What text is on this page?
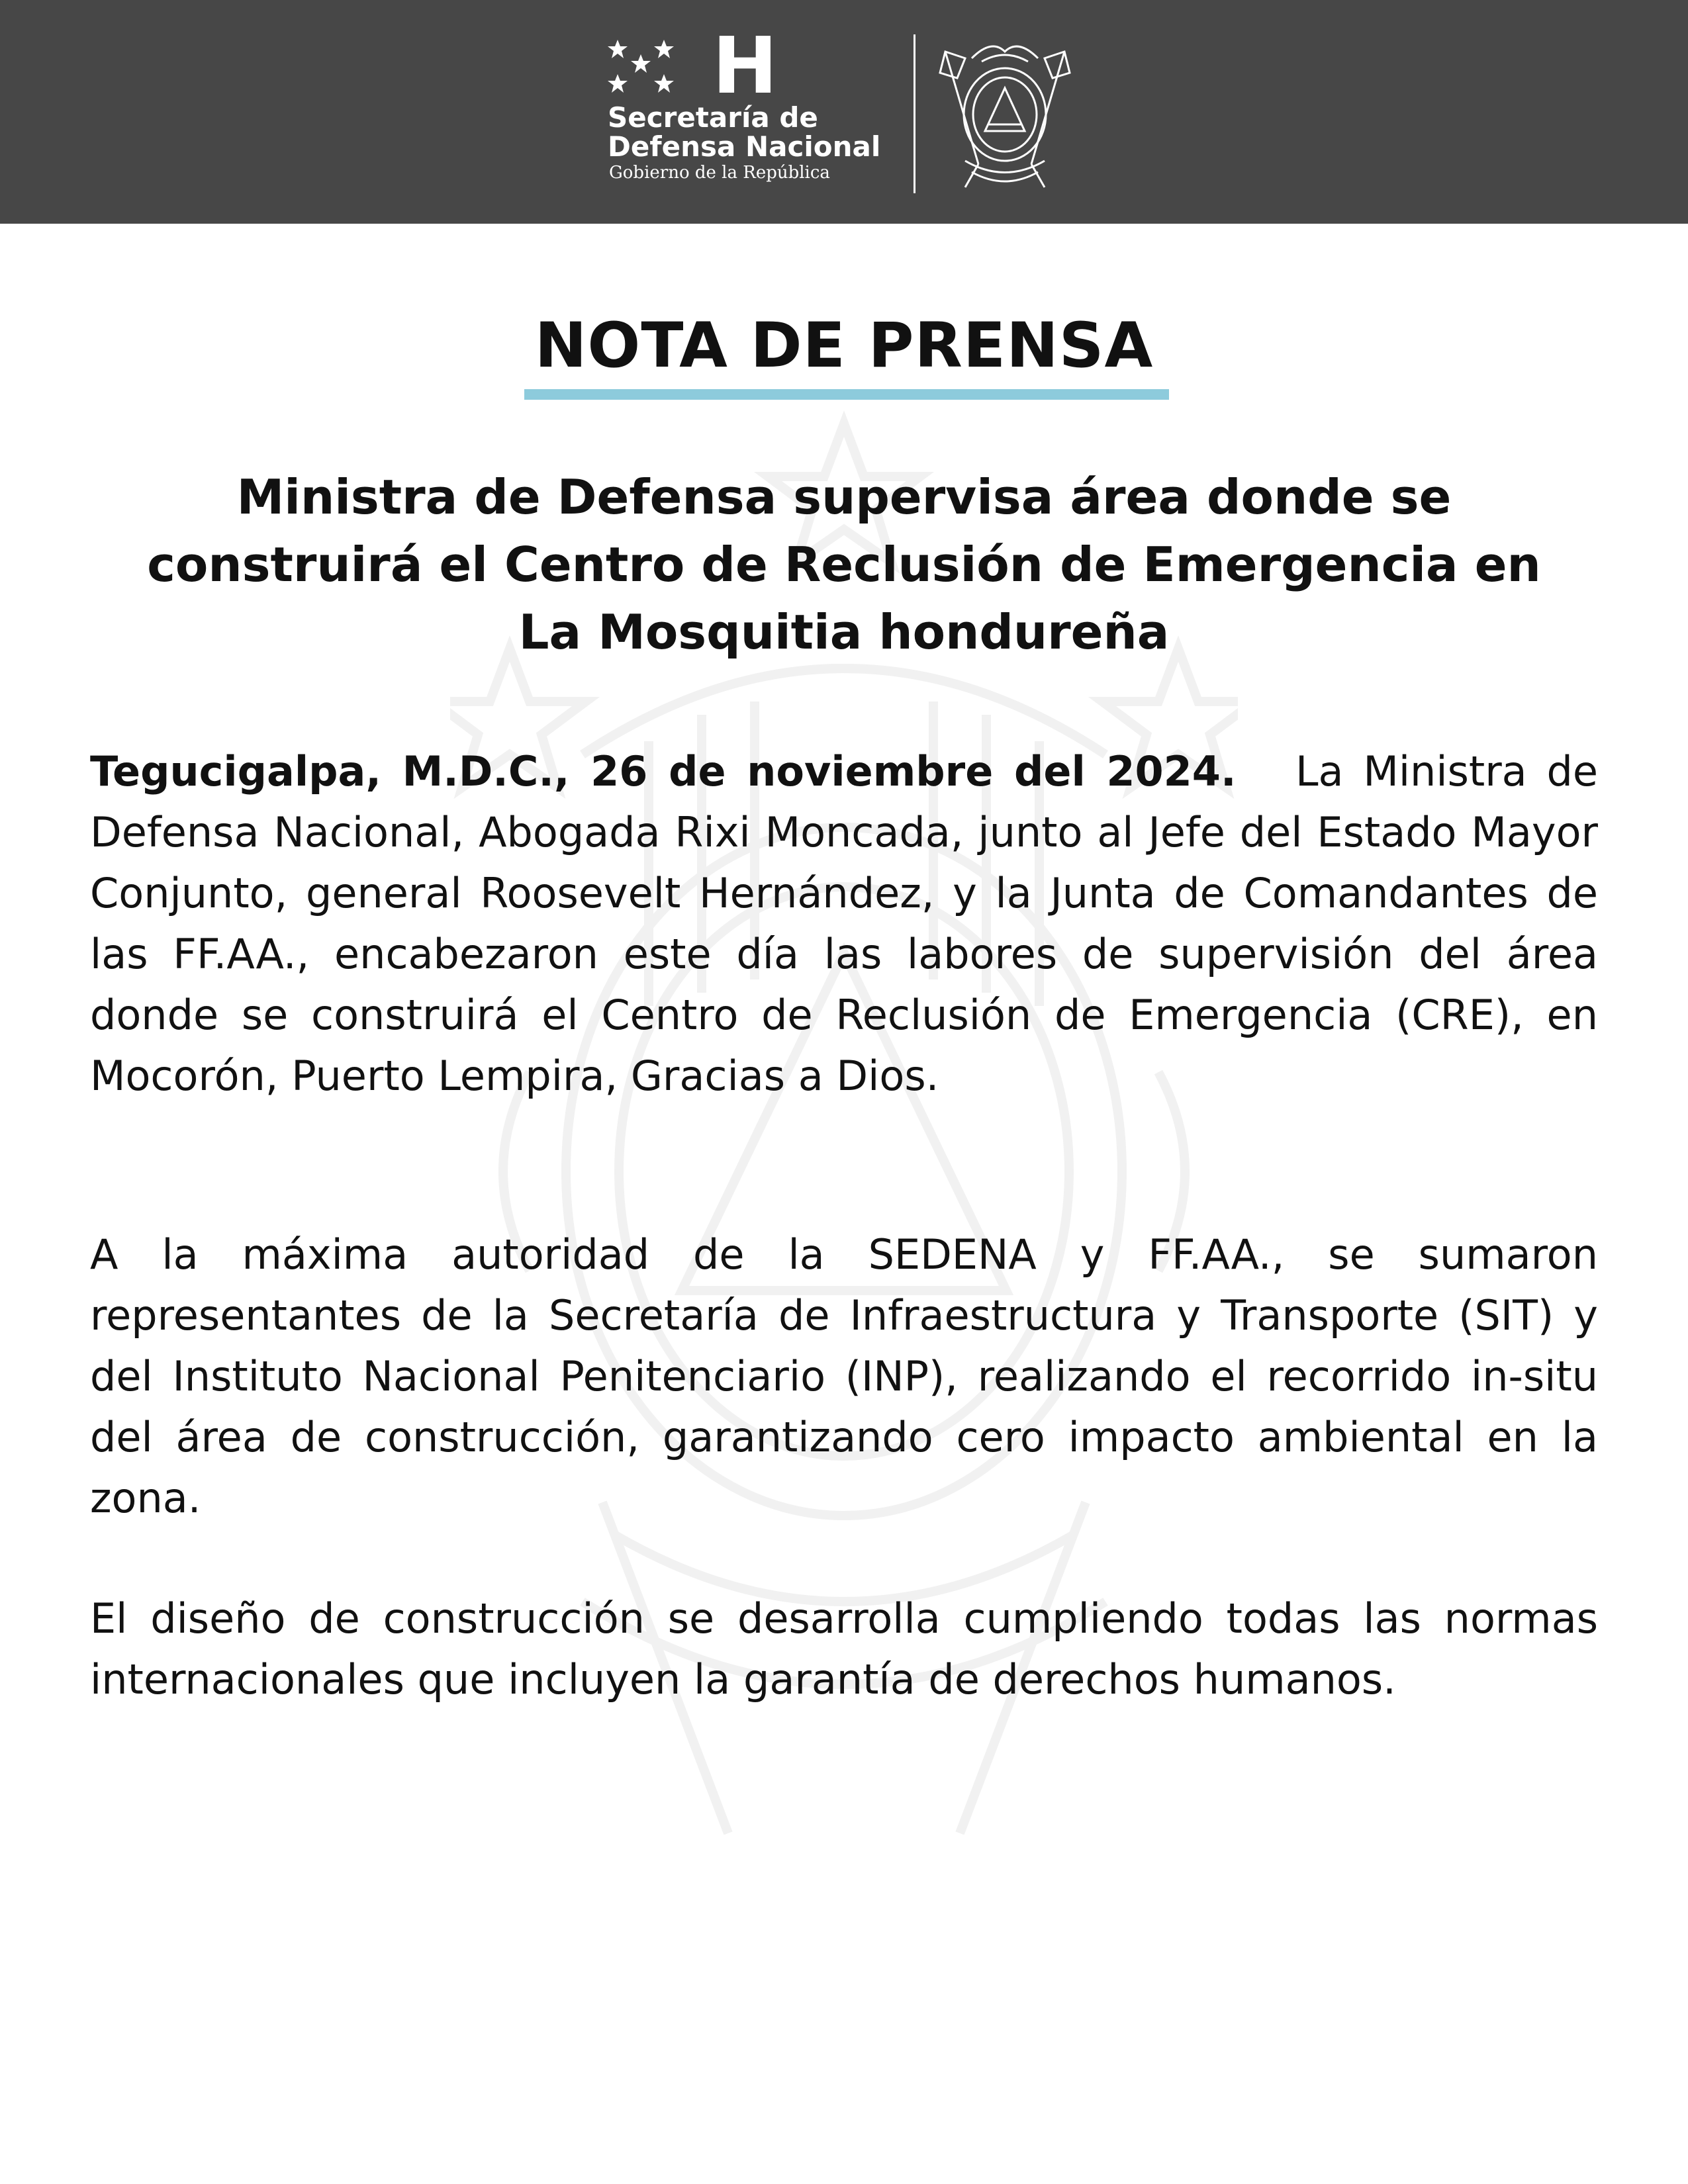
H
Secretaría de
Defensa Nacional
Gobierno de la República
NOTA DE PRENSA
Ministra de Defensa supervisa área donde se construirá el Centro de Reclusión de Emergencia en La Mosquitia hondureña
Tegucigalpa, M.D.C., 26 de noviembre del 2024. La Ministra de Defensa Nacional, Abogada Rixi Moncada, junto al Jefe del Estado Mayor Conjunto, general Roosevelt Hernández, y la Junta de Comandantes de las FF.AA., encabezaron este día las labores de supervisión del área donde se construirá el Centro de Reclusión de Emergencia (CRE), en Mocorón, Puerto Lempira, Gracias a Dios.
A la máxima autoridad de la SEDENA y FF.AA., se sumaron representantes de la Secretaría de Infraestructura y Transporte (SIT) y del Instituto Nacional Penitenciario (INP), realizando el recorrido in-situ del área de construcción, garantizando cero impacto ambiental en la zona.
El diseño de construcción se desarrolla cumpliendo todas las normas internacionales que incluyen la garantía de derechos humanos.
